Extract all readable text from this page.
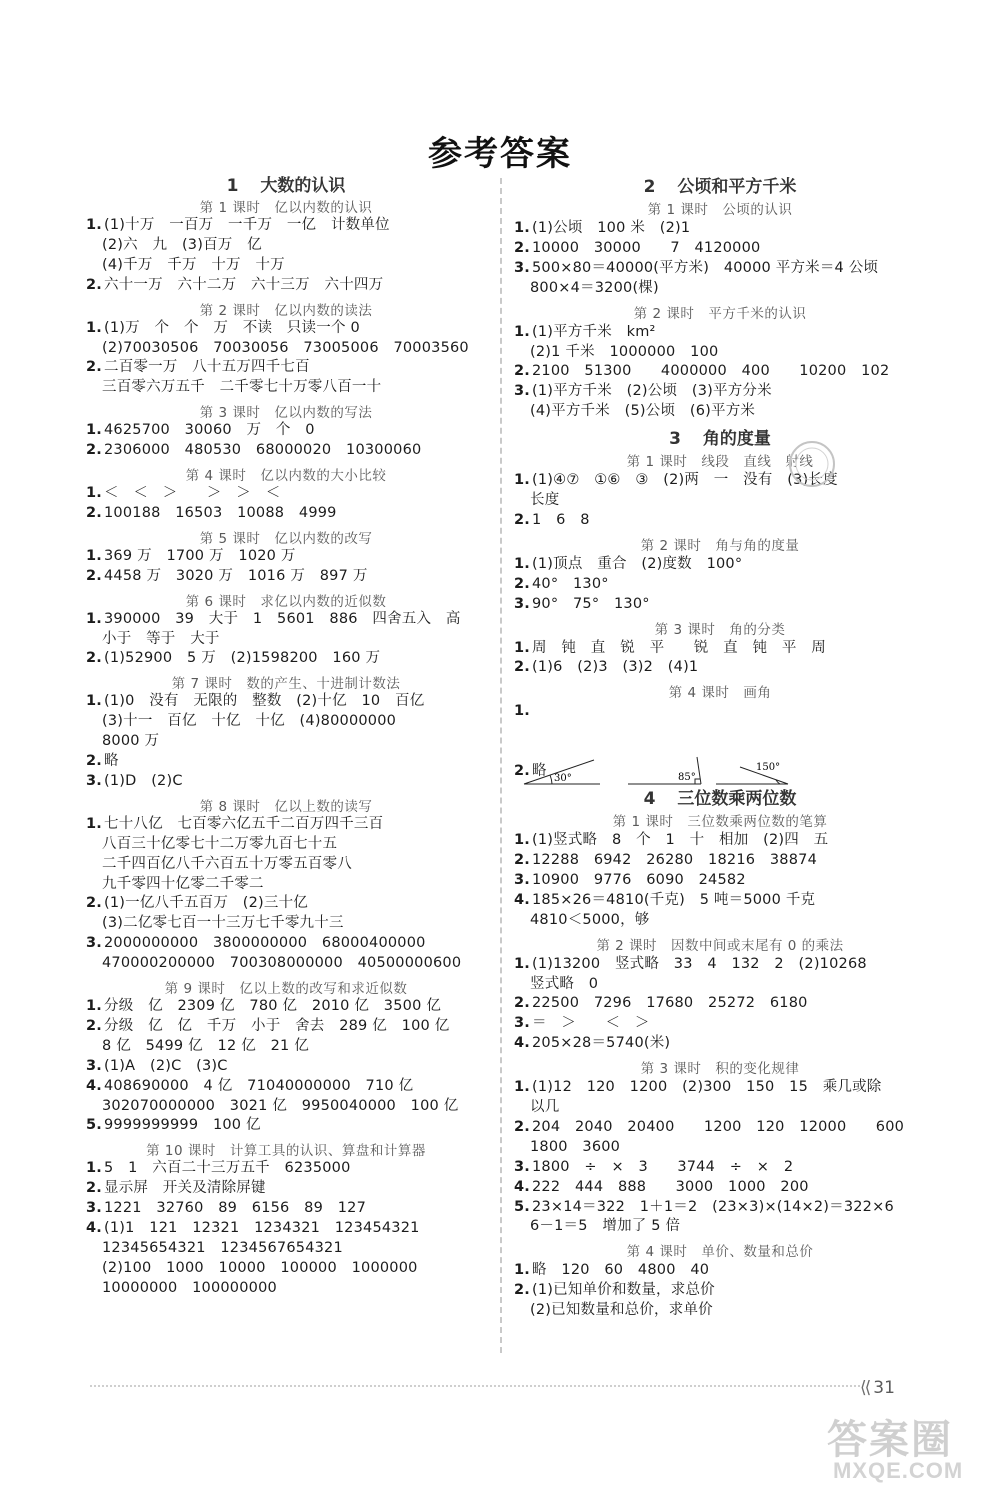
参考答案
1 大数的认识
第 1 课时　亿以内数的认识
1. (1)十万　一百万　一千万　一亿　计数单位
(2)六　九　(3)百万　亿
(4)千万　千万　十万　十万
2. 六十一万　六十二万　六十三万　六十四万
第 2 课时　亿以内数的读法
1. (1)万　个　个　万　不读　只读一个 0
(2)70030506　70030056　73005006　70003560
2. 二百零一万　八十五万四千七百
三百零六万五千　二千零七十万零八百一十
第 3 课时　亿以内数的写法
1. 4625700　30060　万　个　0
2. 2306000　480530　68000020　10300060
第 4 课时　亿以内数的大小比较
1. ＜　＜　＞　　＞　＞　＜
2. 100188　16503　10088　4999
第 5 课时　亿以内数的改写
1. 369 万　1700 万　1020 万
2. 4458 万　3020 万　1016 万　897 万
第 6 课时　求亿以内数的近似数
1. 390000　39　大于　1　5601　886　四舍五入　高
小于　等于　大于
2. (1)52900　5 万　(2)1598200　160 万
第 7 课时　数的产生、十进制计数法
1. (1)0　没有　无限的　整数　(2)十亿　10　百亿
(3)十一　百亿　十亿　十亿　(4)80000000
8000 万
2. 略
3. (1)D　(2)C
第 8 课时　亿以上数的读写
1. 七十八亿　七百零六亿五千二百万四千三百
八百三十亿零七十二万零九百七十五
二千四百亿八千六百五十万零五百零八
九千零四十亿零二千零二
2. (1)一亿八千五百万　(2)三十亿
(3)二亿零七百一十三万七千零九十三
3. 2000000000　3800000000　68000400000
470000200000　700308000000　40500000600
第 9 课时　亿以上数的改写和求近似数
1. 分级　亿　2309 亿　780 亿　2010 亿　3500 亿
2. 分级　亿　亿　千万　小于　舍去　289 亿　100 亿
8 亿　5499 亿　12 亿　21 亿
3. (1)A　(2)C　(3)C
4. 408690000　4 亿　71040000000　710 亿
302070000000　3021 亿　9950040000　100 亿
5. 9999999999　100 亿
第 10 课时　计算工具的认识、算盘和计算器
1. 5　1　六百二十三万五千　6235000
2. 显示屏　开关及清除屏键
3. 1221　32760　89　6156　89　127
4. (1)1　121　12321　1234321　123454321
12345654321　1234567654321
(2)100　1000　10000　100000　1000000
10000000　100000000
2 公顷和平方千米
第 1 课时　公顷的认识
1. (1)公顷　100 米　(2)1
2. 10000　30000　　7　4120000
3. 500×80＝40000(平方米)　40000 平方米＝4 公顷
800×4＝3200(棵)
第 2 课时　平方千米的认识
1. (1)平方千米　km²
(2)1 千米　1000000　100
2. 2100　51300　　4000000　400　　10200　102
3. (1)平方千米　(2)公顷　(3)平方分米
(4)平方千米　(5)公顷　(6)平方米
3 角的度量
第 1 课时　线段　直线　射线
1. (1)④⑦　①⑥　③　(2)两　一　没有　(3)长度
长度
2. 1　6　8
第 2 课时　角与角的度量
1. (1)顶点　重合　(2)度数　100°
2. 40°　130°
3. 90°　75°　130°
第 3 课时　角的分类
1. 周　钝　直　锐　平　　锐　直　钝　平　周
2. (1)6　(2)3　(3)2　(4)1
第 4 课时　画角
1.
2. 略
4 三位数乘两位数
第 1 课时　三位数乘两位数的笔算
1. (1)竖式略　8　个　1　十　相加　(2)四　五
2. 12288　6942　26280　18216　38874
3. 10900　9776　6090　24582
4. 185×26＝4810(千克)　5 吨＝5000 千克
4810＜5000，够
第 2 课时　因数中间或末尾有 0 的乘法
1. (1)13200　竖式略　33　4　132　2　(2)10268
竖式略　0
2. 22500　7296　17680　25272　6180
3. ＝　＞　　＜　＞
4. 205×28＝5740(米)
第 3 课时　积的变化规律
1. (1)12　120　1200　(2)300　150　15　乘几或除
以几
2. 204　2040　20400　　1200　120　12000　　600
1800　3600
3. 1800　÷　×　3　　3744　÷　×　2
4. 222　444　888　　3000　1000　200
5. 23×14＝322　1＋1＝2　(23×3)×(14×2)＝322×6
6－1＝5　增加了 5 倍
第 4 课时　单价、数量和总价
1. 略　120　60　4800　40
2. (1)已知单价和数量，求总价
(2)已知数量和总价，求单价
30°	85°
150°
⟨⟨ 31
答案圈
MXQE.COM
